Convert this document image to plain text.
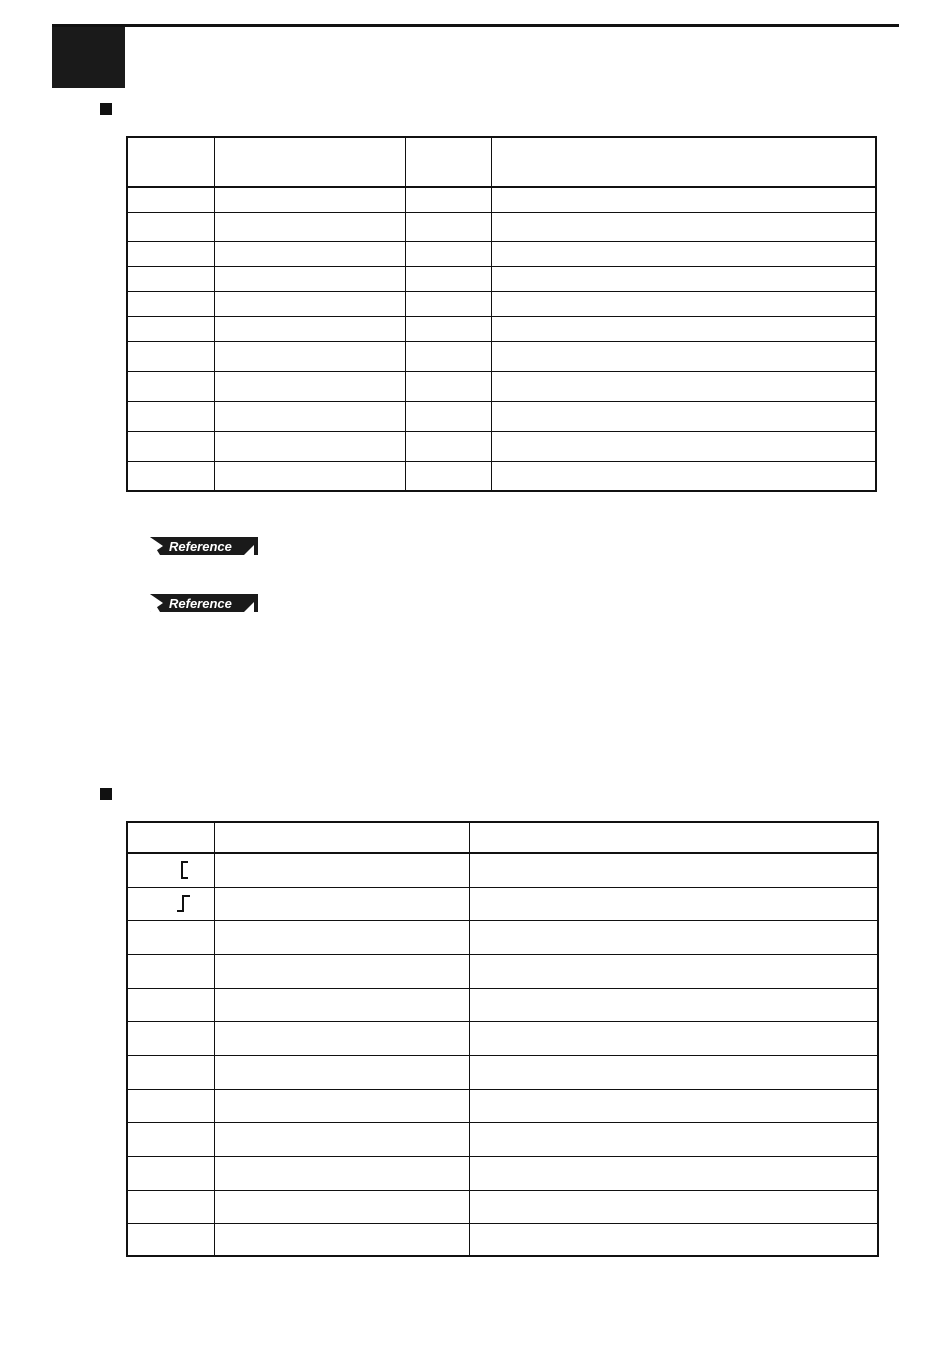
Reference
Reference
